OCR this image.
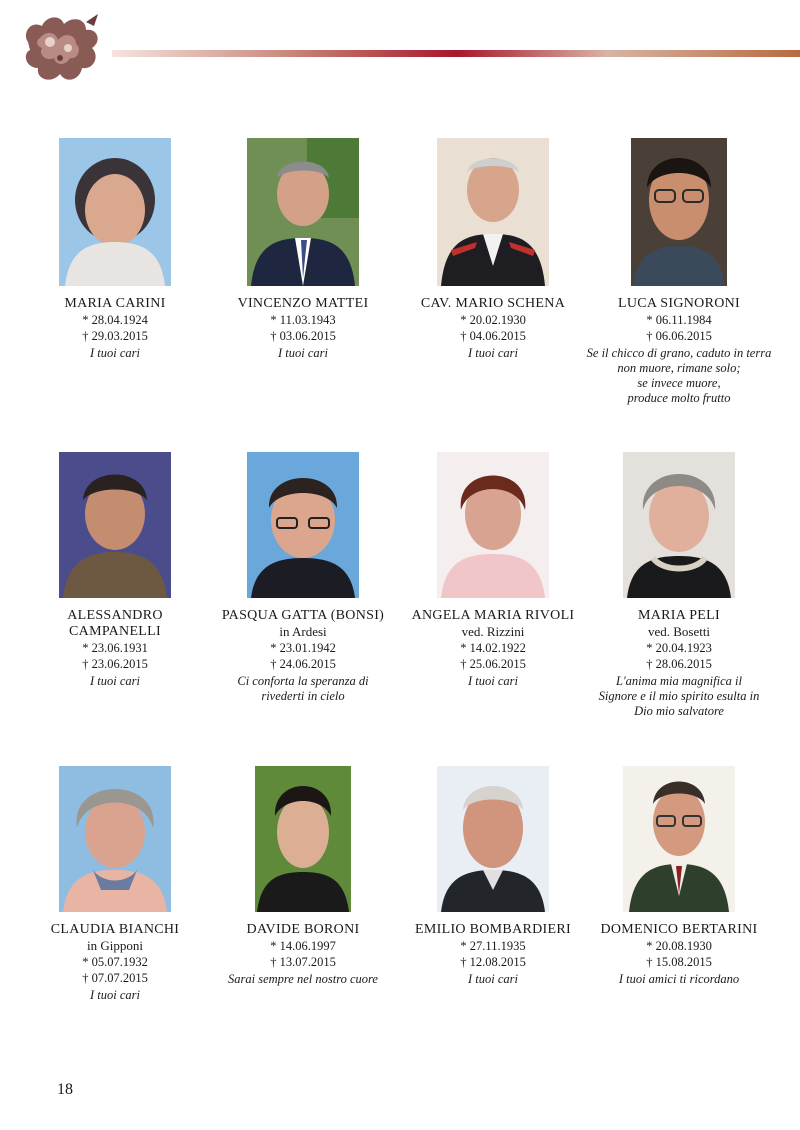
MARIA CARINI
* 28.04.1924
† 29.03.2015
I tuoi cari
VINCENZO MATTEI
* 11.03.1943
† 03.06.2015
I tuoi cari
CAV. MARIO SCHENA
* 20.02.1930
† 04.06.2015
I tuoi cari
LUCA SIGNORONI
* 06.11.1984
† 06.06.2015
Se il chicco di grano, caduto in terra
non muore, rimane solo;
se invece muore,
produce molto frutto
ALESSANDRO
CAMPANELLI
* 23.06.1931
† 23.06.2015
I tuoi cari
PASQUA GATTA (BONSI)
in Ardesi
* 23.01.1942
† 24.06.2015
Ci conforta la speranza di
rivederti in cielo
ANGELA MARIA RIVOLI
ved. Rizzini
* 14.02.1922
† 25.06.2015
I tuoi cari
MARIA PELI
ved. Bosetti
* 20.04.1923
† 28.06.2015
L'anima mia magnifica il
Signore e il mio spirito esulta in
Dio mio salvatore
CLAUDIA BIANCHI
in Gipponi
* 05.07.1932
† 07.07.2015
I tuoi cari
DAVIDE BORONI
* 14.06.1997
† 13.07.2015
Sarai sempre nel nostro cuore
EMILIO BOMBARDIERI
* 27.11.1935
† 12.08.2015
I tuoi cari
DOMENICO BERTARINI
* 20.08.1930
† 15.08.2015
I tuoi amici ti ricordano
18
